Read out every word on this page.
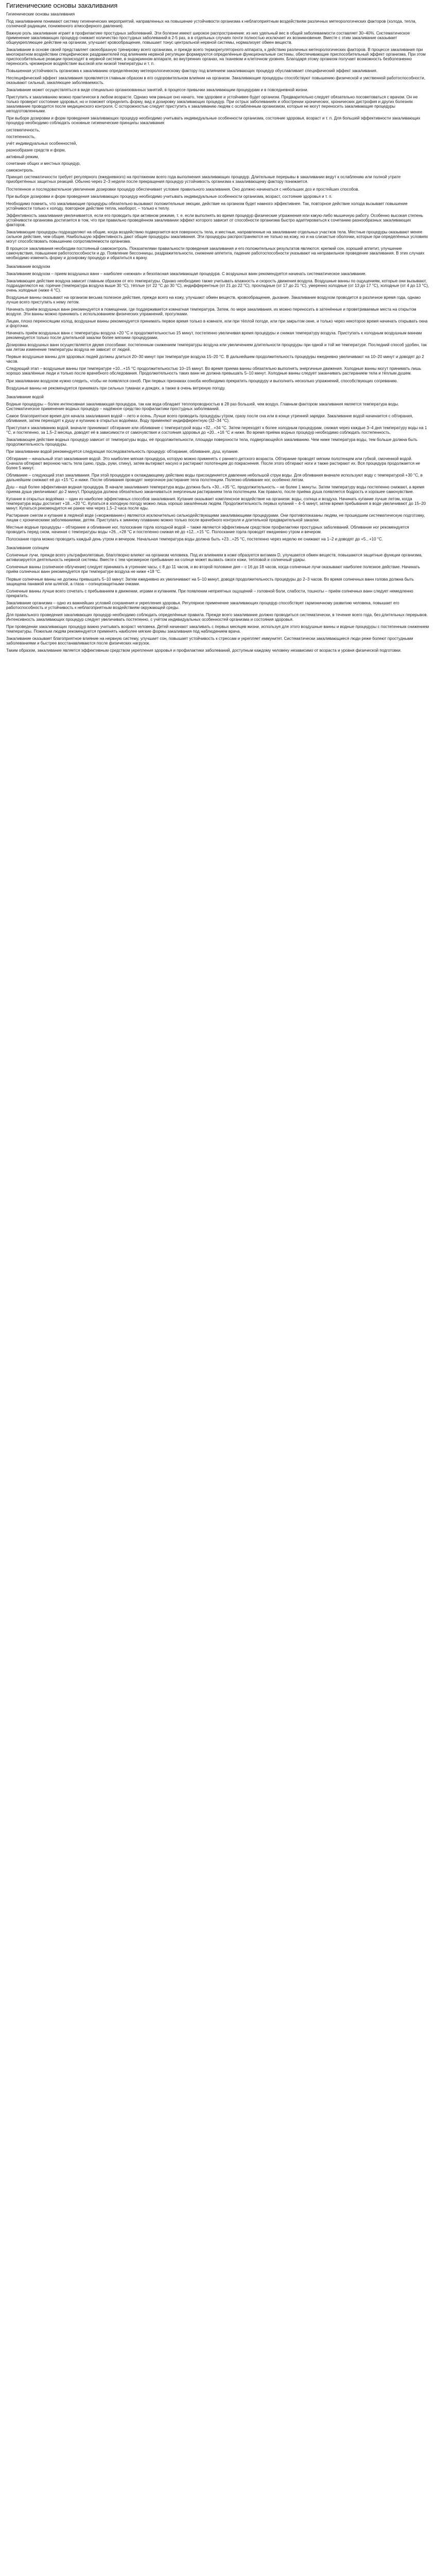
Гигиенические основы закаливания

Гигиенические основы закаливания

Под закаливанием понимают систему гигиенических мероприятий, направленных на повышение устойчивости организма к неблагоприятным воздействиям различных метеорологических факторов (холода, тепла, солнечной радиации, пониженного атмосферного давления).

Важную роль закаливание играет в профилактике простудных заболеваний. Эти болезни имеют широкое распространение: из них удельный вес в общей заболеваемости составляет 30–40%. Систематическое применение закаливающих процедур снижает количество простудных заболеваний в 2-5 раз, а в отдельных случаях почти полностью исключает их возникновение. Вместе с этим закаливание оказывает общеукрепляющее действие на организм, улучшает кровообращение, повышает тонус центральной нервной системы, нормализует обмен веществ.

Закаливание в основе своей представляет своеобразную тренировку всего организма, и прежде всего терморегуляторного аппарата, к действию различных метеорологических факторов. В процессе закаливания при многократном воздействии специфических раздражителей под влиянием нервной регуляции формируются определённые функциональные системы, обеспечивающие приспособительный эффект организма. При этом приспособительные реакции происходят в нервной системе, в эндокринном аппарате, во внутренних органах, на тканевом и клеточном уровнях. Благодаря этому организм получает возможность безболезненно переносить чрезмерное воздействие высокой или низкой температуры и т. п.

Повышенная устойчивость организма к закаливанию определённому метеорологическому фактору под влиянием закаливающих процедур обуславливает специфический эффект закаливания.

Неспецифический эффект закаливания проявляется главным образом в его оздоровительном влиянии на организм. Закаливающие процедуры способствуют повышению физической и умственной работоспособности, оказывают сильный, закаляющее заболеваемость.

Закаливание может осуществляться в виде специально организованных занятий, в процессе привычки закаливающим процедурам и в повседневной жизни.

Приступить к закаливанию можно практически в любом возрасте. Однако чем раньше оно начато, тем здоровее и устойчивее будет организм. Предварительно следует обязательно посоветоваться с врачом. Он не только проверит состояние здоровья, но и поможет определить форму, вид и дозировку закаливающих процедур. При острых заболеваниях и обострении хронических, хронических дистрофия и других болезнях закаливание проводится после медицинского контроля. С осторожностью следует приступить к закаливанию людям с ослабленным организмом, которые не могут переносить закаливающие процедуры неподготовленными.

При выборе дозировки и форм проведения закаливающих процедур необходимо учитывать индивидуальные особенности организма, состояние здоровья, возраст и т. п. Для большей эффективности закаливающих процедур необходимо соблюдать основные гигиенические принципы закаливания:

систематичность,

постепенность,

учёт индивидуальных особенностей,

разнообразие средств и форм,

активный режим,

сочетание общих и местных процедур,

самоконтроль.

Принцип систематичности требует регулярного (ежедневного) на протяжении всего года выполнения закаливающих процедур. Длительные перерывы в закаливании ведут к ослаблению или полной утрате приобретённых защитных реакций. Обычно через 2–3 недели после прекращения процедур устойчивость организма к закаливающему фактору понижается.

Постепенное и последовательное увеличение дозировки процедур обеспечивает условие правильного закаливания. Оно должно начинаться с небольших доз и простейших способов.

При выборе дозировки и форм проведения закаливающих процедур необходимо учитывать индивидуальные особенности организма, возраст, состояние здоровья и т. п.

Необходимо помнить, что закаливающие процедуры обязательно вызывают положительные эмоции, действие на организм будет намного эффективнее. Так, повторное действие холода вызывает повышение устойчивости только к холоду, повторное действие тепла, наоборот, – только к теплу.

Эффективность закаливания увеличивается, если его проводить при активном режиме, т. е. если выполнять во время процедур физические упражнения или какую-либо мышечную работу. Особенно высокая степень устойчивости организма достигается в том, что при правильно проведённом закаливании эффект которого зависит от способности организма быстро адаптироваться к сочетанию разнообразных закаливающих факторов.

Закаливающие процедуры подразделяют на общие, когда воздействию подвергается вся поверхность тела, и местные, направленные на закаливание отдельных участков тела. Местные процедуры оказывают менее сильное действие, чем общие. Наибольшую эффективность дают общие процедуры закаливания. Эти процедуры распространяются не только на кожу, но и на слизистые оболочки, которые при определённых условиях могут способствовать повышению сопротивляемости организма.

В процессе закаливания необходим постоянный самоконтроль. Показателями правильности проведения закаливания и его положительных результатов являются: крепкий сон, хороший аппетит, улучшение самочувствия, повышение работоспособности и др. Появление бессонницы, раздражительности, снижение аппетита, падение работоспособности указывают на неправильное проведение закаливания. В этих случаях необходимо изменить форму и дозировку процедур и обратиться к врачу.

Закаливание воздухом

Закаливание воздухом – прием воздушных ванн – наиболее «нежная» и безопасная закаливающая процедура. С воздушных ванн рекомендуется начинать систематическое закаливание.

Закаливающее действие воздуха зависит главным образом от его температуры. Однако необходимо также учитывать влажность и скорость движения воздуха. Воздушные ванны по ощущениям, которые они вызывают, подразделяются на: горячие (температура воздуха выше 30 °С), тёплые (от 22 °С до 30 °С), индифферентные (от 21 до 22 °С), прохладные (от 17 до 21 °С), умеренно холодные (от 13 до 17 °С), холодные (от 4 до 13 °С), очень холодные (ниже 4 °С).

Воздушные ванны оказывают на организм весьма полезное действие, прежде всего на кожу, улучшают обмен веществ, кровообращение, дыхание. Закаливание воздухом проводится в различное время года, однако лучше всего приступить к нему летом.

Начинать приём воздушных ванн рекомендуется в помещении, где поддерживается комнатная температура. Затем, по мере закаливания, их можно переносить в затенённые и проветриваемые места на открытом воздухе. Эти ванны можно принимать с использованием физических упражнений, прогулками.

Лицам, плохо переносящим холод, воздушные ванны рекомендуется принимать первое время только в комнате, или при тёплой погоде, или при закрытом окне, и только через некоторое время начинать открывать окна и форточки.

Начинать приём воздушных ванн с температуры воздуха +20 °С и продолжительностью 15 минут, постепенно увеличивая время процедуры и снижая температуру воздуха. Приступать к холодным воздушным ваннам рекомендуется только после длительной закалки более мягкими процедурами.

Дозировка воздушных ванн осуществляется двумя способами: постепенным снижением температуры воздуха или увеличением длительности процедуры при одной и той же температуре. Последний способ удобен, так как летом изменение температуры воздуха не зависит от людей.

Первые воздушные ванны для здоровых людей должны длиться 20–30 минут при температуре воздуха 15–20 °С. В дальнейшем продолжительность процедуры ежедневно увеличивают на 10–20 минут и доводят до 2 часов.

Следующий этап – воздушные ванны при температуре +10...+15 °С продолжительностью 10–15 минут. Во время приема ванны обязательно выполнять энергичные движения. Холодные ванны могут принимать лишь хорошо закалённые люди и только после врачебного обследования. Продолжительность таких ванн не должна превышать 5–10 минут. Холодные ванны следует заканчивать растиранием тела и тёплым душем.

При закаливании воздухом нужно следить, чтобы не появлялся озноб. При первых признаках озноба необходимо прекратить процедуру и выполнить несколько упражнений, способствующих согреванию.

Воздушные ванны не рекомендуется принимать при сильных туманах и дождях, а также в очень ветреную погоду.

Закаливание водой

Водные процедуры – более интенсивная закаливающая процедура, так как вода обладает теплопроводностью в 28 раз большей, чем воздух. Главным фактором закаливания является температура воды. Систематическое применение водных процедур – надёжное средство профилактики простудных заболеваний.

Самое благоприятное время для начала закаливания водой – лето и осень. Лучше всего проводить процедуры утром, сразу после сна или в конце утренней зарядки. Закаливание водой начинается с обтирания, обливания, затем переходят к душу и купанию в открытых водоёмах. Воду применяют индифферентную (32–34 °С).

Приступая к закаливанию водой, вначале принимают обтирание или обливание с температурой воды +32...+34 °С. Затем переходят к более холодным процедурам, снижая через каждые 3–4 дня температуру воды на 1 °С, и постепенно, за 1,5–2 месяца, доводят её в зависимости от самочувствия и состояния здоровья до +20...+16 °С и ниже. Во время приёма водных процедур необходимо соблюдать постепенность.

Закаливающее действие водных процедур зависит от температуры воды, её продолжительности, площади поверхности тела, подвергающейся закаливанию. Чем ниже температура воды, тем больше должна быть продолжительность процедуры.

При закаливании водой рекомендуется следующая последовательность процедур: обтирание, обливание, душ, купание.

Обтирание – начальный этап закаливания водой. Это наиболее мягкая процедура, которую можно применять с раннего детского возраста. Обтирание проводят мягким полотенцем или губкой, смоченной водой. Сначала обтирают верхнюю часть тела (шею, грудь, руки, спину), затем вытирают насухо и растирают полотенцем до покраснения. После этого обтирают ноги и также растирают их. Вся процедура продолжается не более 5 минут.

Обливание – следующий этап закаливания. При этой процедуре к охлаждающему действию воды присоединяется давление небольшой струи воды. Для обливания вначале используют воду с температурой +30 °С, в дальнейшем снижают её до +15 °С и ниже. После обливания проводят энергичное растирание тела полотенцем. Полезно обливание ног, особенно летом.

Душ – ещё более эффективная водная процедура. В начале закаливания температура воды должна быть +30...+35 °С, продолжительность – не более 1 минуты. Затем температуру воды постепенно снижают, а время приема душа увеличивают до 2 минут. Процедура должна обязательно заканчиваться энергичным растиранием тела полотенцем. Как правило, после приёма душа появляется бодрость и хорошее самочувствие.

Купание в открытых водоёмах – один из наиболее эффективных способов закаливания. Купание оказывает комплексное воздействие на организм: воды, солнца и воздуха. Начинать купание лучше летом, когда температура воды достигает +18...+20 °С. Купаться в холодную погоду можно лишь хорошо закалённым людям. Продолжительность первых купаний – 4–5 минут, затем время пребывания в воде увеличивают до 15–20 минут. Купаться рекомендуется не ранее чем через 1,5–2 часа после еды.

Растирание снегом и купание в ледяной воде («моржевание») являются исключительно сильнодействующими закаливающими процедурами. Они противопоказаны людям, не прошедшим систематическую подготовку, лицам с хроническими заболеваниями, детям. Приступать к зимнему плаванию можно только после врачебного контроля и длительной предварительной закалки.

Местные водные процедуры – обтирание и обливание ног, полоскание горла холодной водой – также являются эффективным средством профилактики простудных заболеваний. Обливание ног рекомендуется проводить перед сном, начиная с температуры воды +26...+28 °С и постепенно снижая её до +12...+15 °С. Полоскание горла проводят ежедневно утром и вечером.

Полоскание горла можно проводить каждый день утром и вечером. Начальная температура воды должна быть +23...+25 °С, постепенно через неделю ее снижают на 1–2 и доводят до +5...+10 °С.

Закаливание солнцем

Солнечные лучи, прежде всего ультрафиолетовые, благотворно влияют на организм человека. Под их влиянием в коже образуется витамин D, улучшается обмен веществ, повышаются защитные функции организма, активизируется деятельность нервной системы. Вместе с тем чрезмерное пребывание на солнце может вызвать ожоги кожи, тепловой и солнечный удары.

Солнечные ванны (солнечное облучение) следует принимать в утренние часы, с 8 до 11 часов, и во второй половине дня – с 16 до 18 часов, когда солнечные лучи оказывают наиболее полезное действие. Начинать приём солнечных ванн рекомендуется при температуре воздуха не ниже +18 °С.

Первые солнечные ванны не должны превышать 5–10 минут. Затем ежедневно их увеличивают на 5–10 минут, доводя продолжительность процедуры до 2–3 часов. Во время солнечных ванн голова должна быть защищена панамой или шляпой, а глаза – солнцезащитными очками.

Солнечные ванны лучше всего сочетать с пребыванием в движении, играми и купанием. При появлении неприятных ощущений – головной боли, слабости, тошноты – приём солнечных ванн следует немедленно прекратить.

Закаливание организма – одно из важнейших условий сохранения и укрепления здоровья. Регулярное применение закаливающих процедур способствует гармоничному развитию человека, повышает его работоспособность и устойчивость к неблагоприятным воздействиям окружающей среды.

Для правильного проведения закаливающих процедур необходимо соблюдать определённые правила. Прежде всего закаливание должно проводиться систематически, в течение всего года, без длительных перерывов. Интенсивность закаливающих процедур следует увеличивать постепенно, с учётом индивидуальных особенностей организма и состояния здоровья.

При проведении закаливающих процедур важно учитывать возраст человека. Детей начинают закаливать с первых месяцев жизни, используя для этого воздушные ванны и водные процедуры с постепенным снижением температуры. Пожилым людям рекомендуется применять наиболее мягкие формы закаливания под наблюдением врача.

Закаливание оказывает благоприятное влияние на нервную систему, улучшает сон, повышает устойчивость к стрессам и укрепляет иммунитет. Систематически закаливающиеся люди реже болеют простудными заболеваниями и быстрее восстанавливаются после физических нагрузок.

Таким образом, закаливание является эффективным средством укрепления здоровья и профилактики заболеваний, доступным каждому человеку независимо от возраста и уровня физической подготовки.
